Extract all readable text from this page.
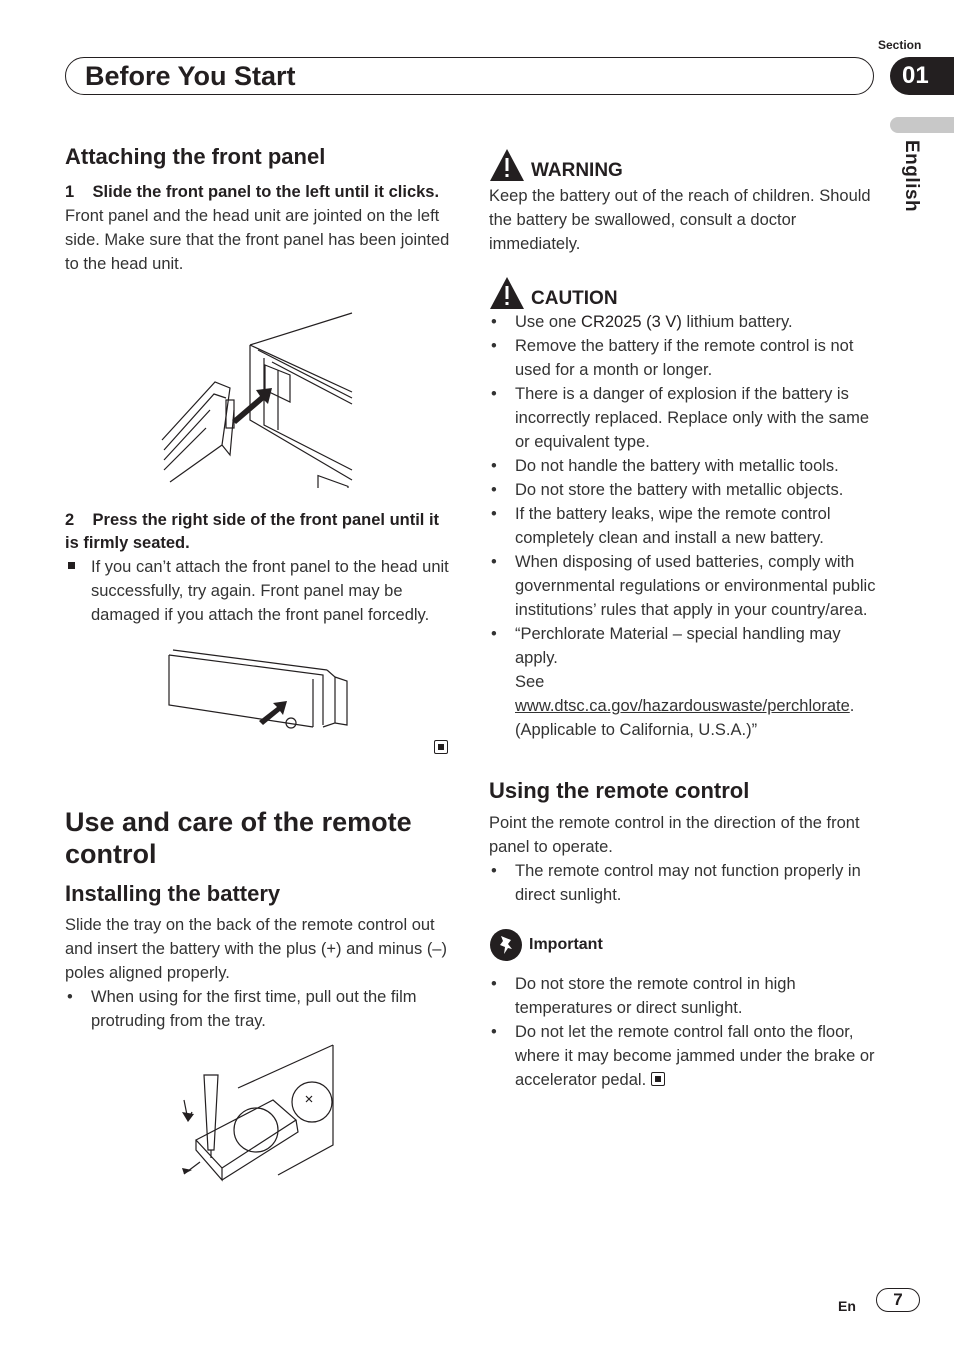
Section
Before You Start	01
English
Attaching the front panel
1 Slide the front panel to the left until it clicks.
Front panel and the head unit are jointed on the left side. Make sure that the front panel has been jointed to the head unit.
2 Press the right side of the front panel until it is firmly seated.
If you can’t attach the front panel to the head unit successfully, try again. Front panel may be damaged if you attach the front panel forcedly.
Use and care of the remote control
Installing the battery
Slide the tray on the back of the remote control out and insert the battery with the plus (+) and minus (–) poles aligned properly.
• When using for the first time, pull out the film protruding from the tray.
WARNING
Keep the battery out of the reach of children. Should the battery be swallowed, consult a doctor immediately.
CAUTION
• Use one CR2025 (3 V) lithium battery.
• Remove the battery if the remote control is not used for a month or longer.
• There is a danger of explosion if the battery is incorrectly replaced. Replace only with the same or equivalent type.
• Do not handle the battery with metallic tools.
• Do not store the battery with metallic objects.
• If the battery leaks, wipe the remote control completely clean and install a new battery.
• When disposing of used batteries, comply with governmental regulations or environmental public institutions’ rules that apply in your country/area.
• “Perchlorate Material – special handling may apply.
See www.dtsc.ca.gov/hazardouswaste/perchlorate. (Applicable to California, U.S.A.)”
Using the remote control
Point the remote control in the direction of the front panel to operate.
• The remote control may not function properly in direct sunlight.
Important
• Do not store the remote control in high temperatures or direct sunlight.
• Do not let the remote control fall onto the floor, where it may become jammed under the brake or accelerator pedal.
En	7
